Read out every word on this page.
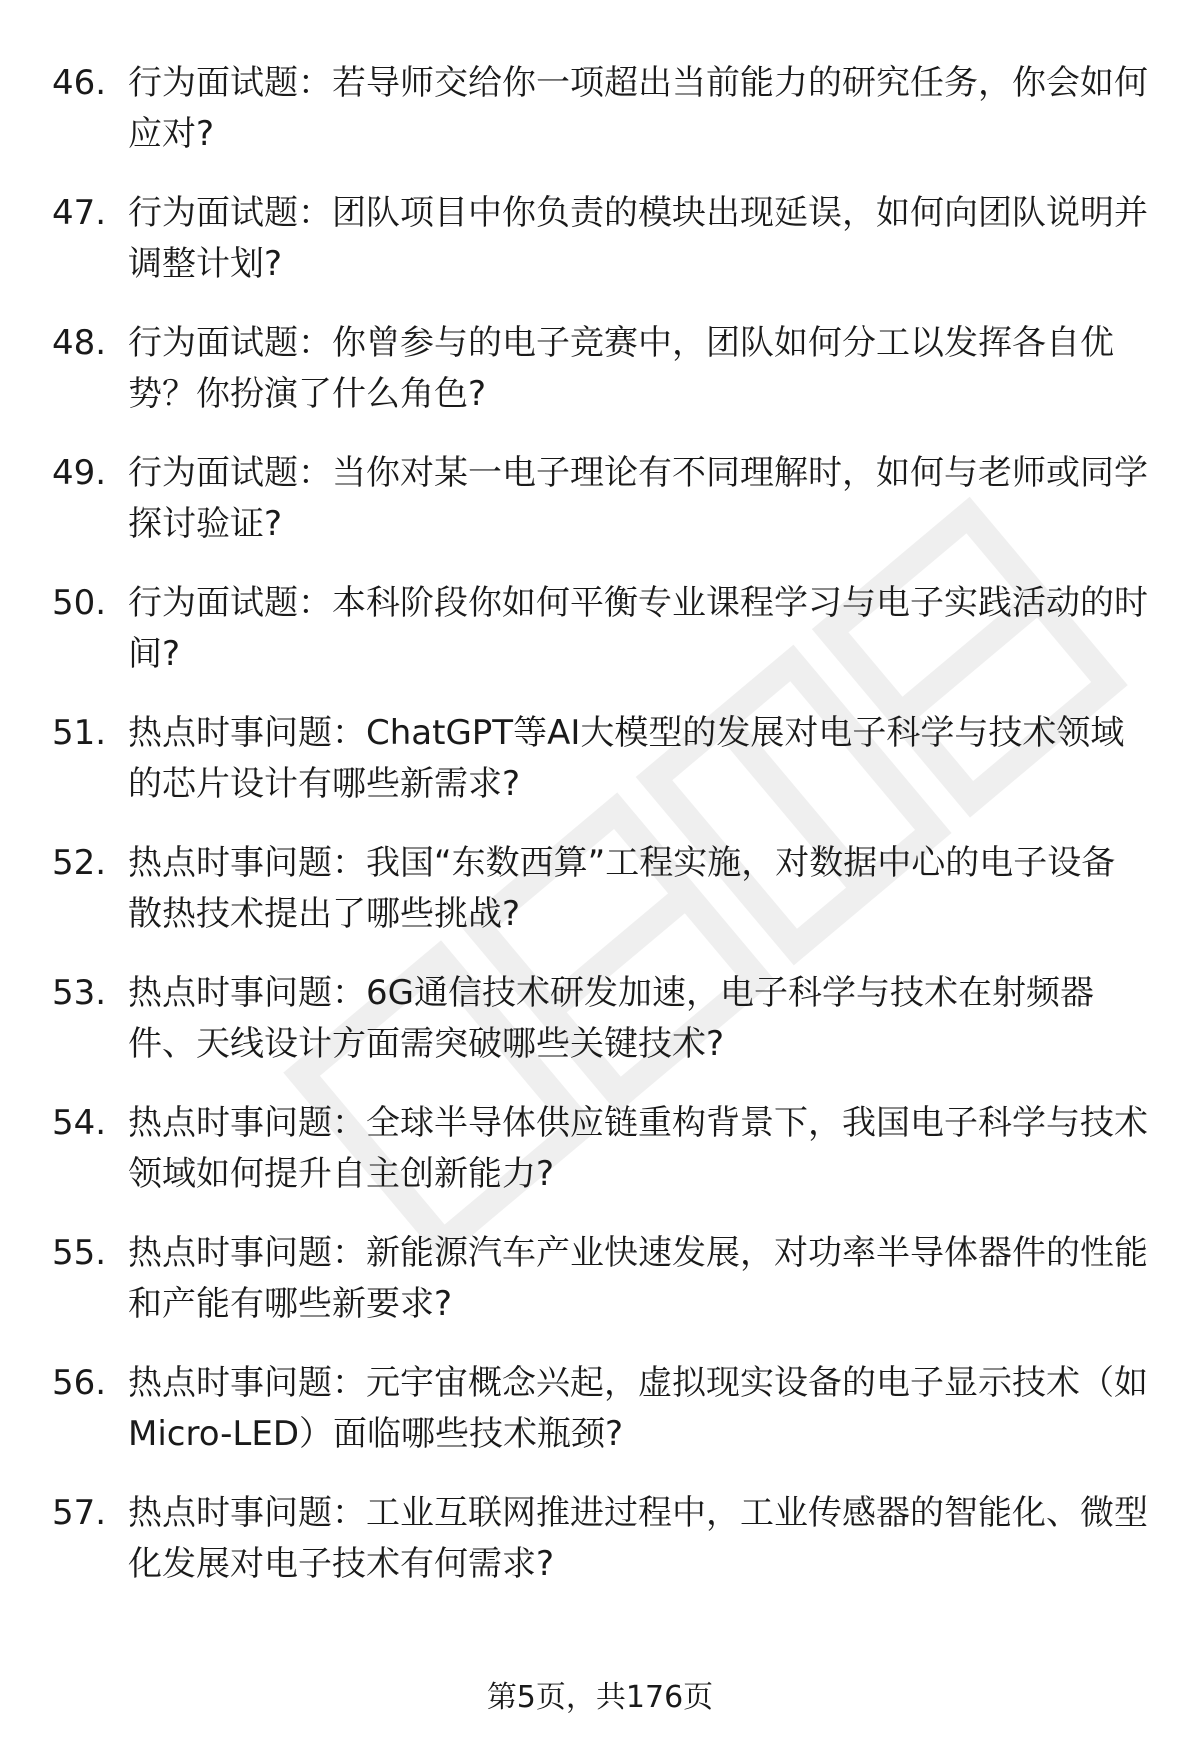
46. 行为面试题：若导师交给你一项超出当前能力的研究任务，你会如何应对?
47. 行为面试题：团队项目中你负责的模块出现延误，如何向团队说明并调整计划?
48. 行为面试题：你曾参与的电子竞赛中，团队如何分工以发挥各自优势？你扮演了什么角色?
49. 行为面试题：当你对某一电子理论有不同理解时，如何与老师或同学探讨验证?
50. 行为面试题：本科阶段你如何平衡专业课程学习与电子实践活动的时间?
51. 热点时事问题：ChatGPT等AI大模型的发展对电子科学与技术领域的芯片设计有哪些新需求?
52. 热点时事问题：我国“东数西算”工程实施，对数据中心的电子设备散热技术提出了哪些挑战?
53. 热点时事问题：6G通信技术研发加速，电子科学与技术在射频器件、天线设计方面需突破哪些关键技术?
54. 热点时事问题：全球半导体供应链重构背景下，我国电子科学与技术领域如何提升自主创新能力?
55. 热点时事问题：新能源汽车产业快速发展，对功率半导体器件的性能和产能有哪些新要求?
56. 热点时事问题：元宇宙概念兴起，虚拟现实设备的电子显示技术（如Micro-LED）面临哪些技术瓶颈?
57. 热点时事问题：工业互联网推进过程中，工业传感器的智能化、微型化发展对电子技术有何需求?
第5页，共176页
